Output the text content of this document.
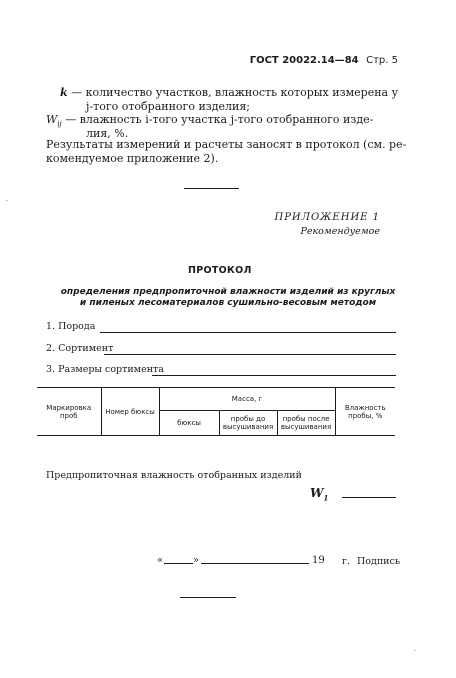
ГОСТ 20022.14—84 Стр. 5
k — количество участков, влажность которых измерена у
j-того отобранного изделия;
$W_{ij}$ — влажность i-того участка j-того отобранного изде-
лия, %.
Результаты измерений и расчеты заносят в протокол (см. ре-
комендуемое приложение 2).
·
ПРИЛОЖЕНИЕ 1
Рекомендуемое
ПРОТОКОЛ
определения предпропиточной влажности изделий из круглых
и пиленых лесоматериалов сушильно-весовым методом
1. Порода
2. Сортимент
3. Размеры сортимента
Маркировка проб	Номер бюксы	Масса, г			Влажность пробы, %
		бюксы	пробы до высушивания	пробы после высушивания	
Предпропиточная влажность отобранных изделий
$W_1$
«	»	19 г. Подпись
·
